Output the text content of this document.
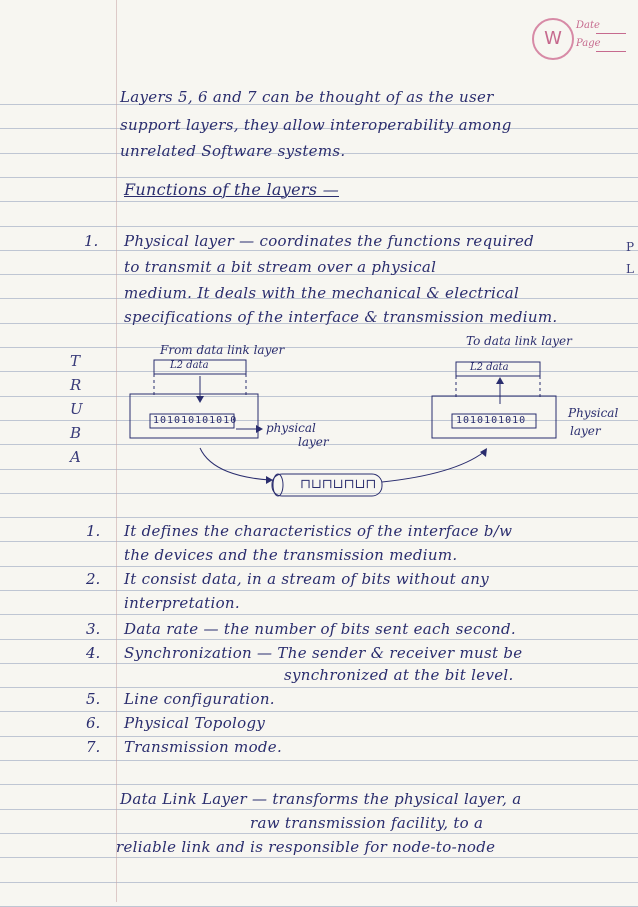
W
Date
Page
Layers 5, 6 and 7 can be thought of as the user
support layers, they allow interoperability among
unrelated Software systems.
Functions of the layers —
1. Physical layer — coordinates the functions required
to transmit a bit stream over a physical
medium. It deals with the mechanical & electrical
specifications of the interface & transmission medium.
P
L
T
R
U
B
A
From data link layer
To data link layer
L2 data	L2 data
101010101010	1010101010
physical
layer
Physical
layer
⊓⊔⊓⊔⊓⊔⊓
1. It defines the characteristics of the interface b/w
the devices and the transmission medium.
2. It consist data, in a stream of bits without any
interpretation.
3. Data rate — the number of bits sent each second.
4. Synchronization — The sender & receiver must be
synchronized at the bit level.
5. Line configuration.
6. Physical Topology
7. Transmission mode.
Data Link Layer — transforms the physical layer, a
raw transmission facility, to a
reliable link and is responsible for node-to-node
